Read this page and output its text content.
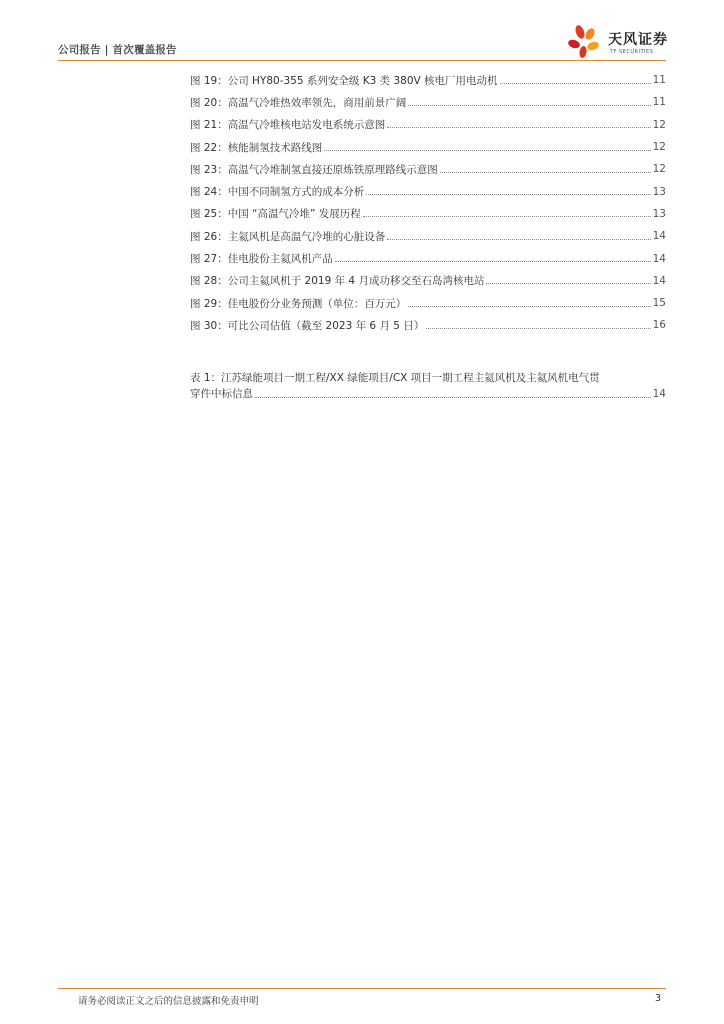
公司报告 | 首次覆盖报告
天风证券
TF SECURITIES
图 19：公司 HY80-355 系列安全级 K3 类 380V 核电厂用电动机	11
图 20：高温气冷堆热效率领先，商用前景广阔	11
图 21：高温气冷堆核电站发电系统示意图	12
图 22：核能制氢技术路线图	12
图 23：高温气冷堆制氢直接还原炼铁原理路线示意图	12
图 24：中国不同制氢方式的成本分析	13
图 25：中国 “高温气冷堆” 发展历程	13
图 26：主氦风机是高温气冷堆的心脏设备	14
图 27：佳电股份主氦风机产品	14
图 28：公司主氦风机于 2019 年 4 月成功移交至石岛湾核电站	14
图 29：佳电股份分业务预测（单位：百万元）	15
图 30：可比公司估值（截至 2023 年 6 月 5 日）	16
表 1：江苏绿能项目一期工程/XX 绿能项目/CX 项目一期工程主氦风机及主氦风机电气贯
穿件中标信息	14
请务必阅读正文之后的信息披露和免责申明	3
